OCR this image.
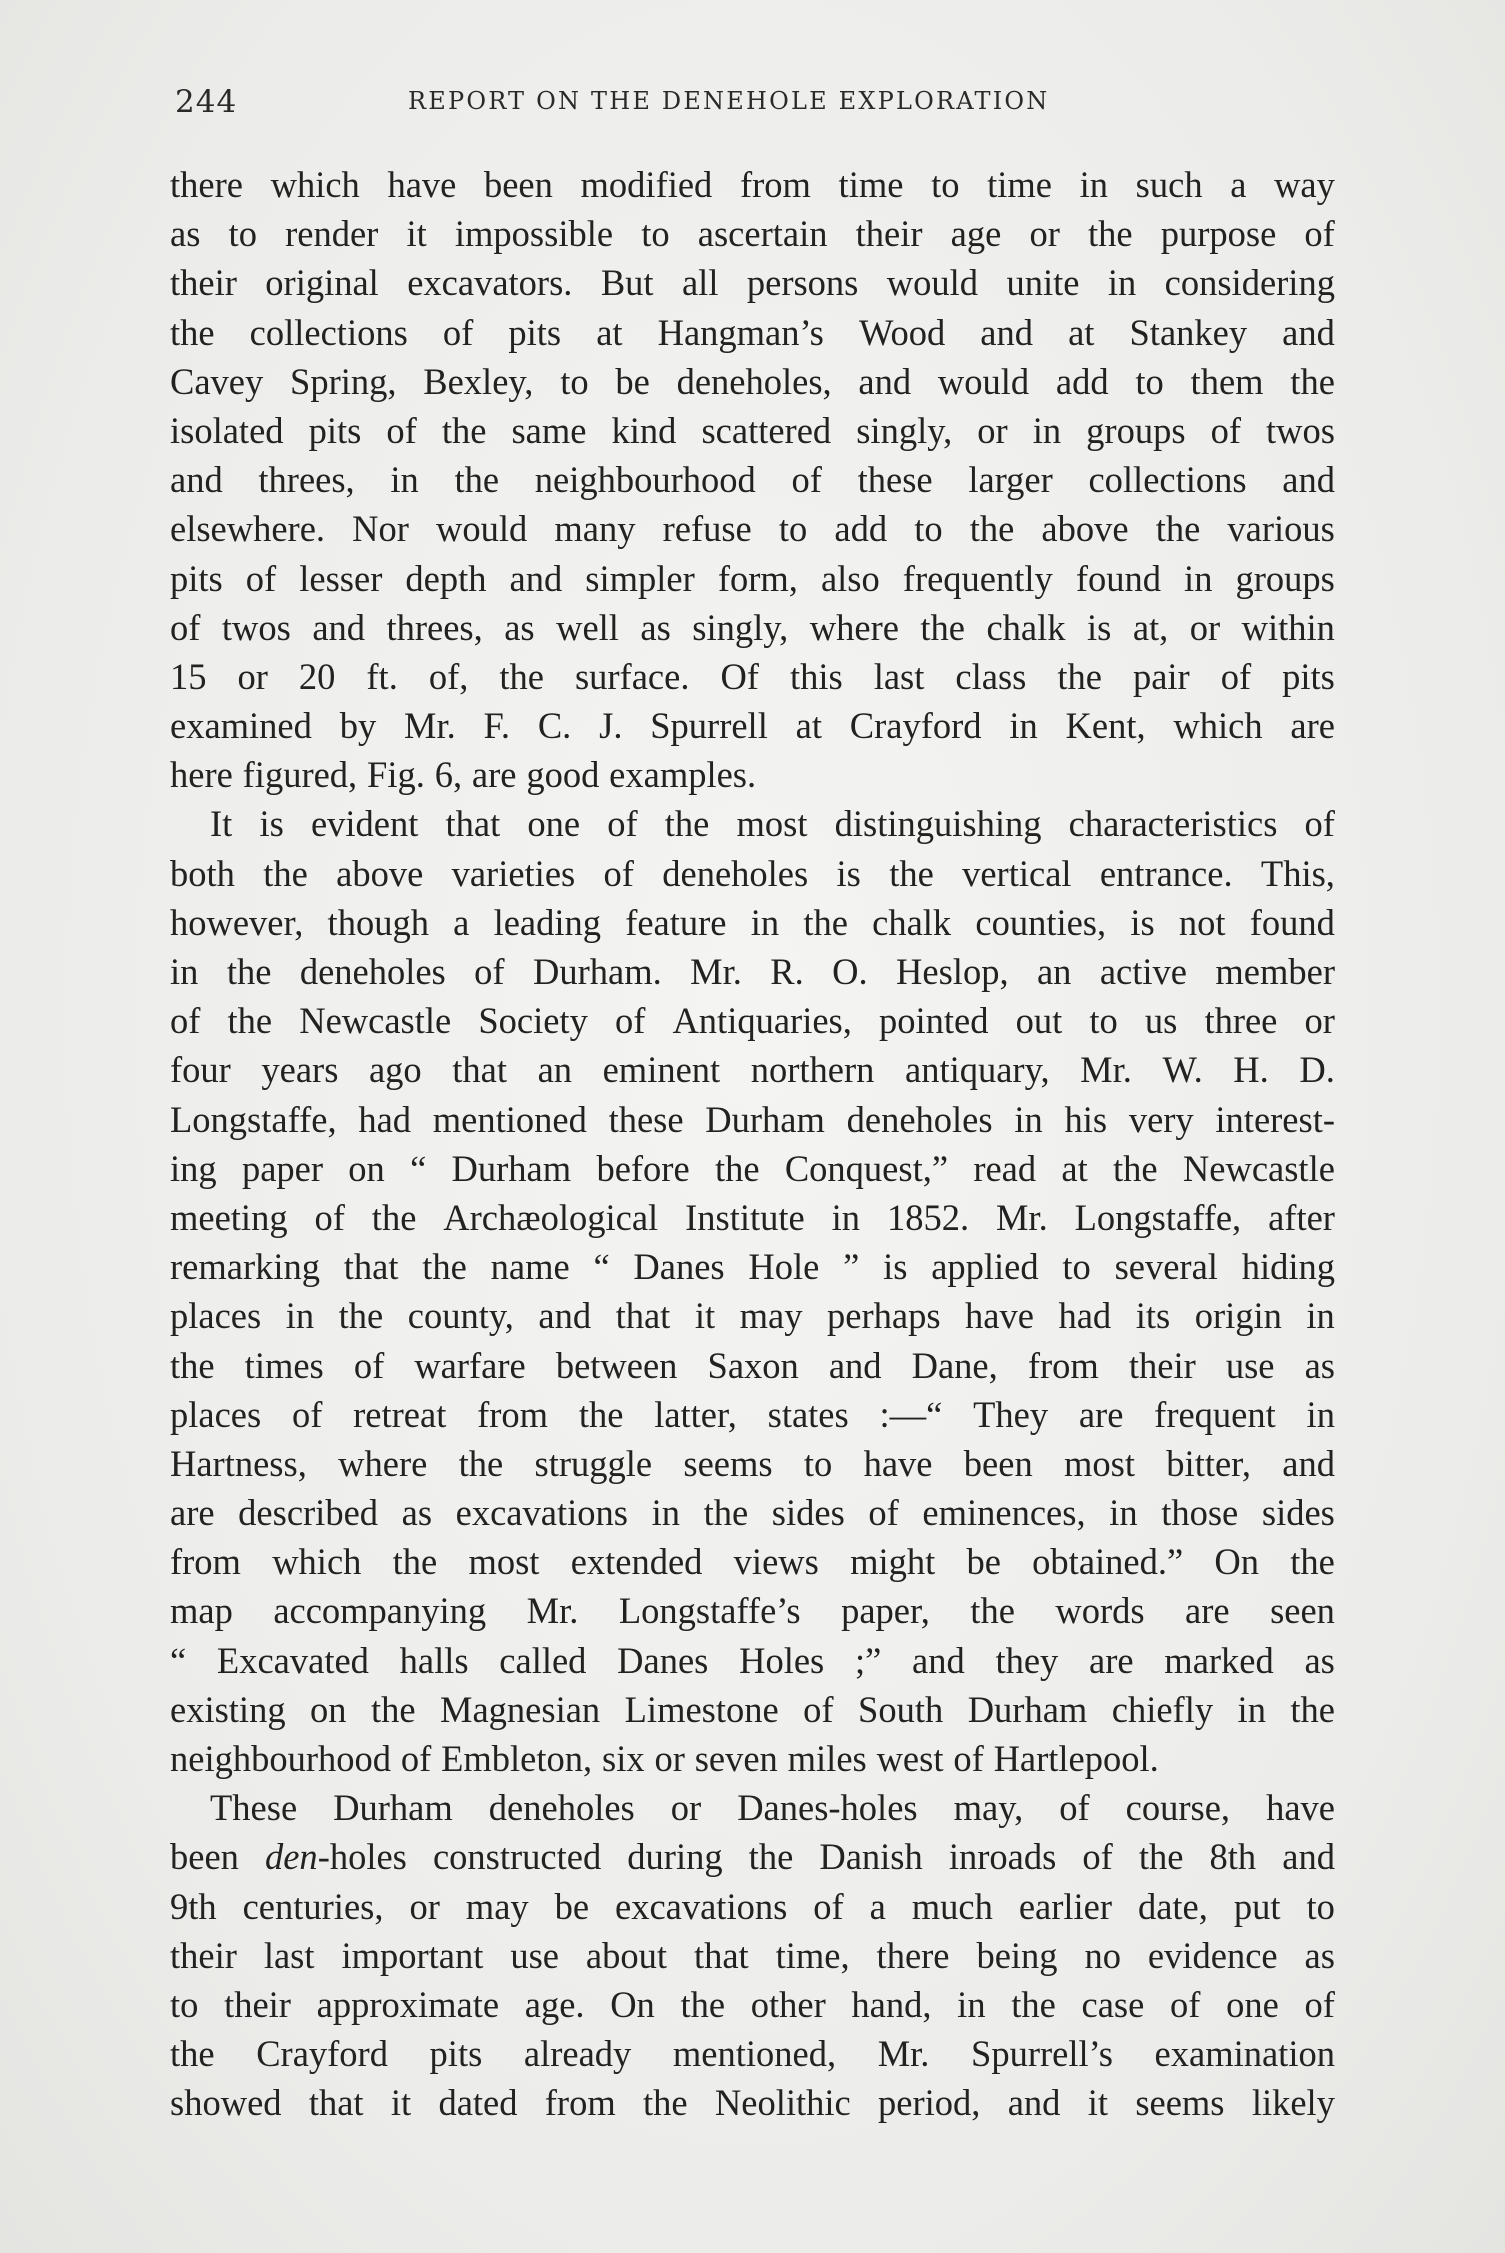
244	REPORT ON THE DENEHOLE EXPLORATION
there which have been modified from time to time in such a way
as to render it impossible to ascertain their age or the purpose of
their original excavators. But all persons would unite in considering
the collections of pits at Hangman’s Wood and at Stankey and
Cavey Spring, Bexley, to be deneholes, and would add to them the
isolated pits of the same kind scattered singly, or in groups of twos
and threes, in the neighbourhood of these larger collections and
elsewhere. Nor would many refuse to add to the above the various
pits of lesser depth and simpler form, also frequently found in groups
of twos and threes, as well as singly, where the chalk is at, or within
15 or 20 ft. of, the surface. Of this last class the pair of pits
examined by Mr. F. C. J. Spurrell at Crayford in Kent, which are
here figured, Fig. 6, are good examples.
It is evident that one of the most distinguishing characteristics of
both the above varieties of deneholes is the vertical entrance. This,
however, though a leading feature in the chalk counties, is not found
in the deneholes of Durham. Mr. R. O. Heslop, an active member
of the Newcastle Society of Antiquaries, pointed out to us three or
four years ago that an eminent northern antiquary, Mr. W. H. D.
Longstaffe, had mentioned these Durham deneholes in his very interest-
ing paper on “ Durham before the Conquest,” read at the Newcastle
meeting of the Archæological Institute in 1852. Mr. Longstaffe, after
remarking that the name “ Danes Hole ” is applied to several hiding
places in the county, and that it may perhaps have had its origin in
the times of warfare between Saxon and Dane, from their use as
places of retreat from the latter, states :—“ They are frequent in
Hartness, where the struggle seems to have been most bitter, and
are described as excavations in the sides of eminences, in those sides
from which the most extended views might be obtained.” On the
map accompanying Mr. Longstaffe’s paper, the words are seen
“ Excavated halls called Danes Holes ;” and they are marked as
existing on the Magnesian Limestone of South Durham chiefly in the
neighbourhood of Embleton, six or seven miles west of Hartlepool.
These Durham deneholes or Danes-holes may, of course, have
been den-holes constructed during the Danish inroads of the 8th and
9th centuries, or may be excavations of a much earlier date, put to
their last important use about that time, there being no evidence as
to their approximate age. On the other hand, in the case of one of
the Crayford pits already mentioned, Mr. Spurrell’s examination
showed that it dated from the Neolithic period, and it seems likely
